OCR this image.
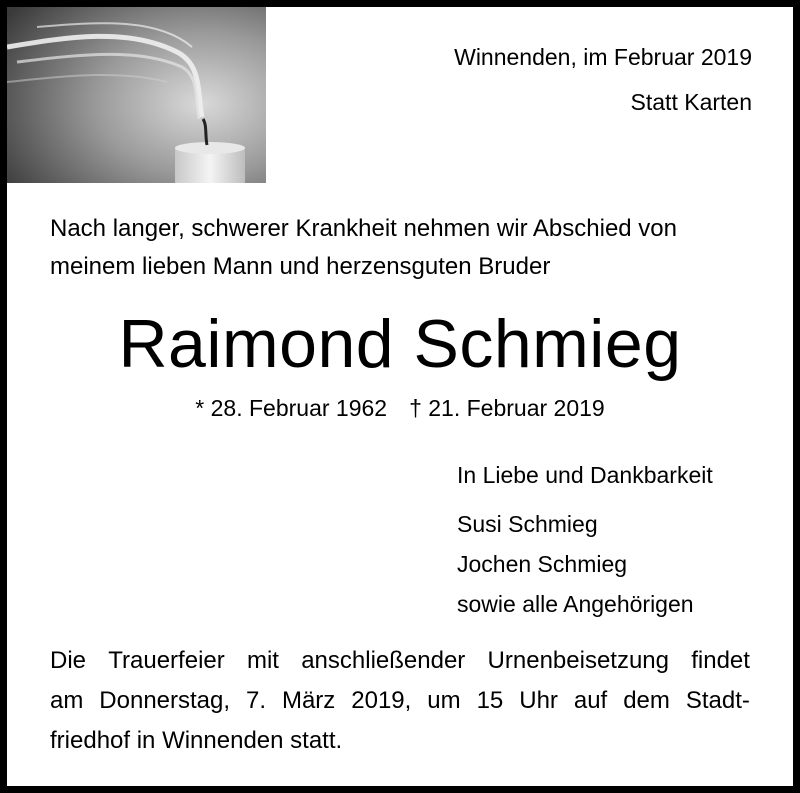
Winnenden, im Februar 2019
Statt Karten
Nach langer, schwerer Krankheit nehmen wir Abschied von
meinem lieben Mann und herzensguten Bruder
Raimond Schmieg
* 28. Februar 1962 † 21. Februar 2019
In Liebe und Dankbarkeit
Susi Schmieg
Jochen Schmieg
sowie alle Angehörigen
Die Trauerfeier mit anschließender Urnenbeisetzung findet
am Donnerstag, 7. März 2019, um 15 Uhr auf dem Stadt-
friedhof in Winnenden statt.
